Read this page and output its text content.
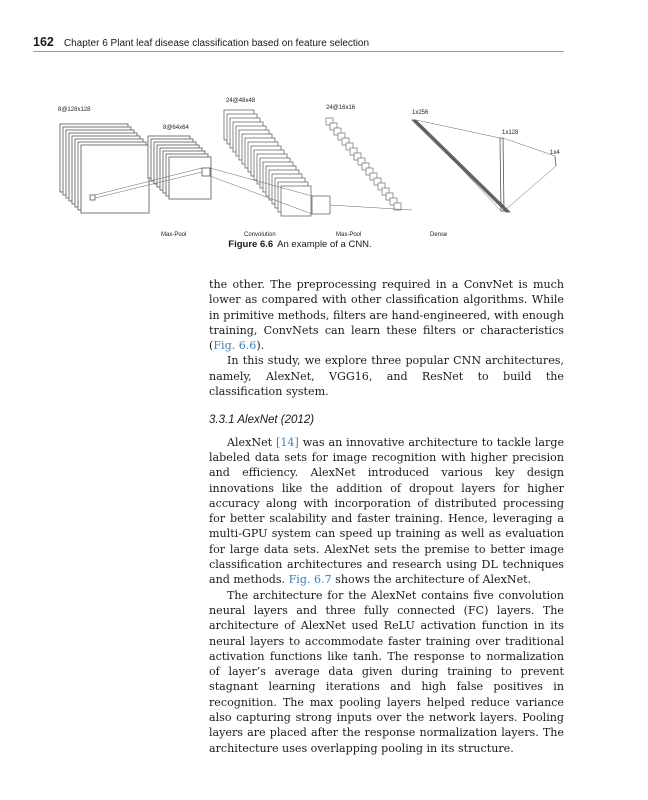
162 Chapter 6 Plant leaf disease classification based on feature selection
8@128x128
8@64x64
24@48x48
24@16x16
1x256
1x128
1x4
Max-Pool	Convolution	Max-Pool	Dense
Figure 6.6 An example of a CNN.

the other. The preprocessing required in a ConvNet is much lower as compared with other classification algorithms. While in primitive methods, filters are hand-engineered, with enough training, ConvNets can learn these filters or characteristics (Fig. 6.6).

In this study, we explore three popular CNN architectures, namely, AlexNet, VGG16, and ResNet to build the classification system.

3.3.1 AlexNet (2012)

AlexNet [14] was an innovative architecture to tackle large labeled data sets for image recognition with higher precision and efficiency. AlexNet introduced various key design innovations like the addition of dropout layers for higher accuracy along with incorporation of distributed processing for better scalability and faster training. Hence, leveraging a multi-GPU system can speed up training as well as evaluation for large data sets. AlexNet sets the premise to better image classification architectures and research using DL techniques and methods. Fig. 6.7 shows the architecture of AlexNet.

The architecture for the AlexNet contains five convolution neural layers and three fully connected (FC) layers. The architecture of AlexNet used ReLU activation function in its neural layers to accommodate faster training over traditional activation functions like tanh. The response to normalization of layer’s average data given during training to prevent stagnant learning iterations and high false positives in recognition. The max pooling layers helped reduce variance also capturing strong inputs over the network layers. Pooling layers are placed after the response normalization layers. The architecture uses overlapping pooling in its structure.
